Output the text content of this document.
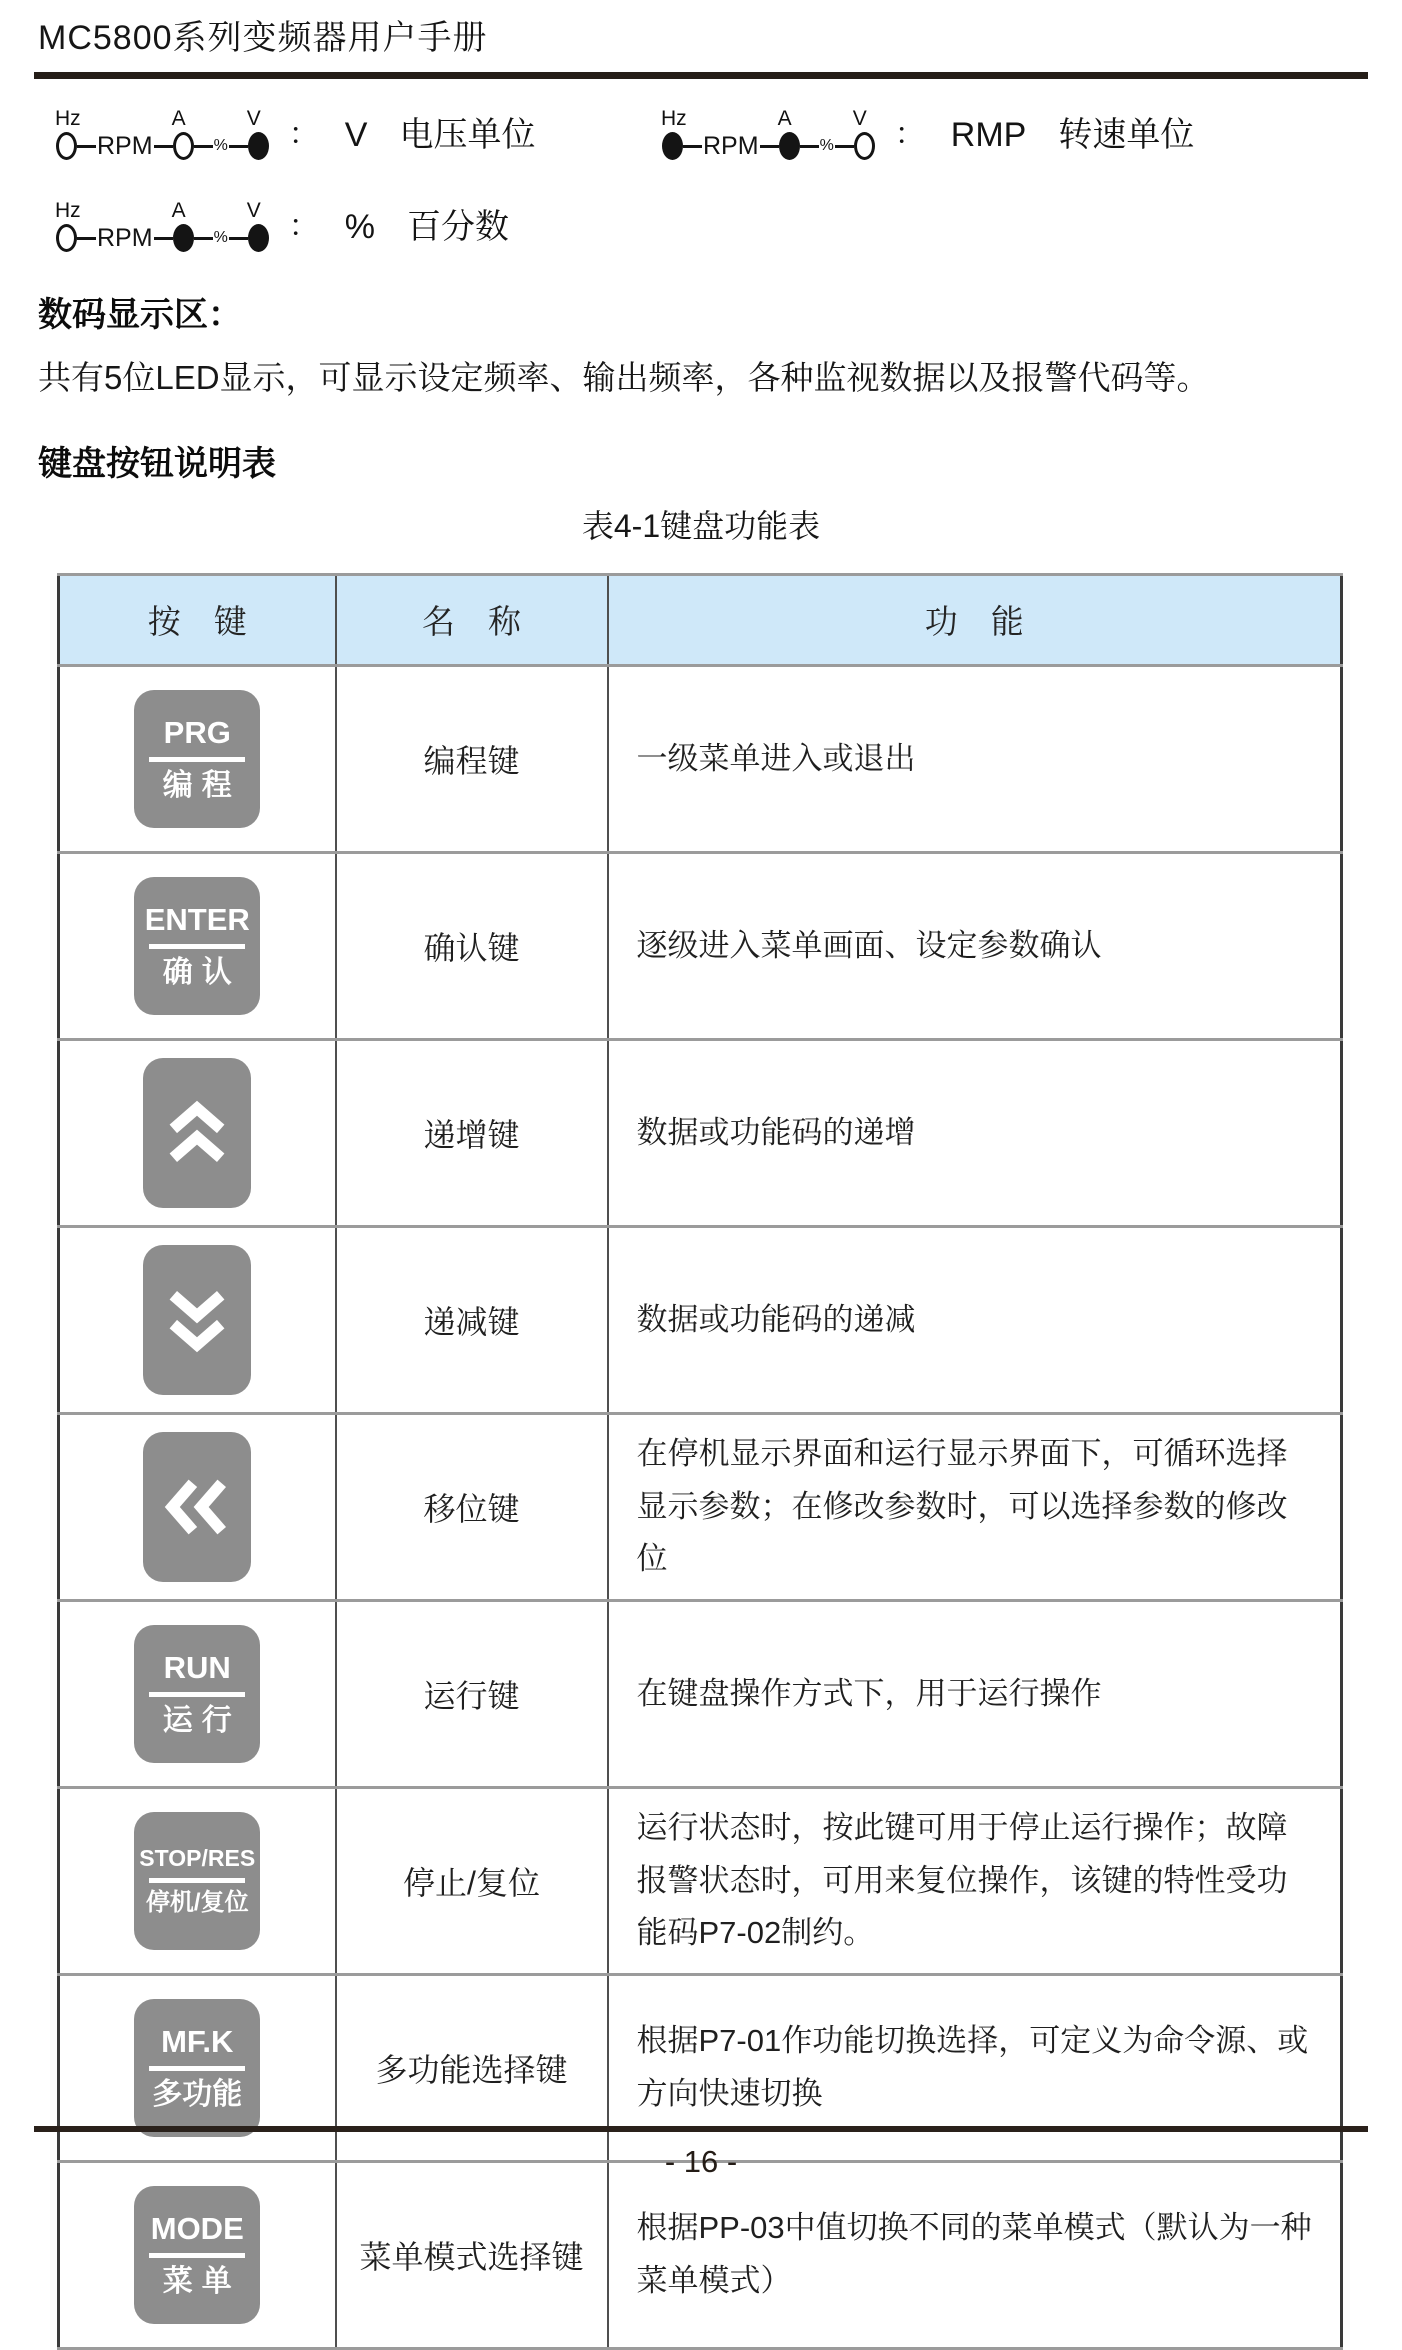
MC5800系列变频器用户手册
Hz
RPM
A
%
V ： V 电压单位	Hz
RPM
A
%
V ： RMP 转速单位
Hz
RPM
A
%
V ： % 百分数
数码显示区：
共有5位LED显示，可显示设定频率、输出频率，各种监视数据以及报警代码等。
键盘按钮说明表
表4-1键盘功能表
按　键	名　称	功　能

PRG
编程	编程键	一级菜单进入或退出

ENTER
确认	确认键	逐级进入菜单画面、设定参数确认

	递增键	数据或功能码的递增

	递减键	数据或功能码的递减

	移位键	在停机显示界面和运行显示界面下，可循环选择显示参数；在修改参数时，可以选择参数的修改位

RUN
运行	运行键	在键盘操作方式下，用于运行操作

STOP/RES
停机/复位	停止/复位	运行状态时，按此键可用于停止运行操作；故障报警状态时，可用来复位操作，该键的特性受功能码P7-02制约。

MF.K
多功能	多功能选择键	根据P7-01作功能切换选择，可定义为命令源、或方向快速切换

MODE
菜单	菜单模式选择键	根据PP-03中值切换不同的菜单模式（默认为一种菜单模式）
- 16 -
